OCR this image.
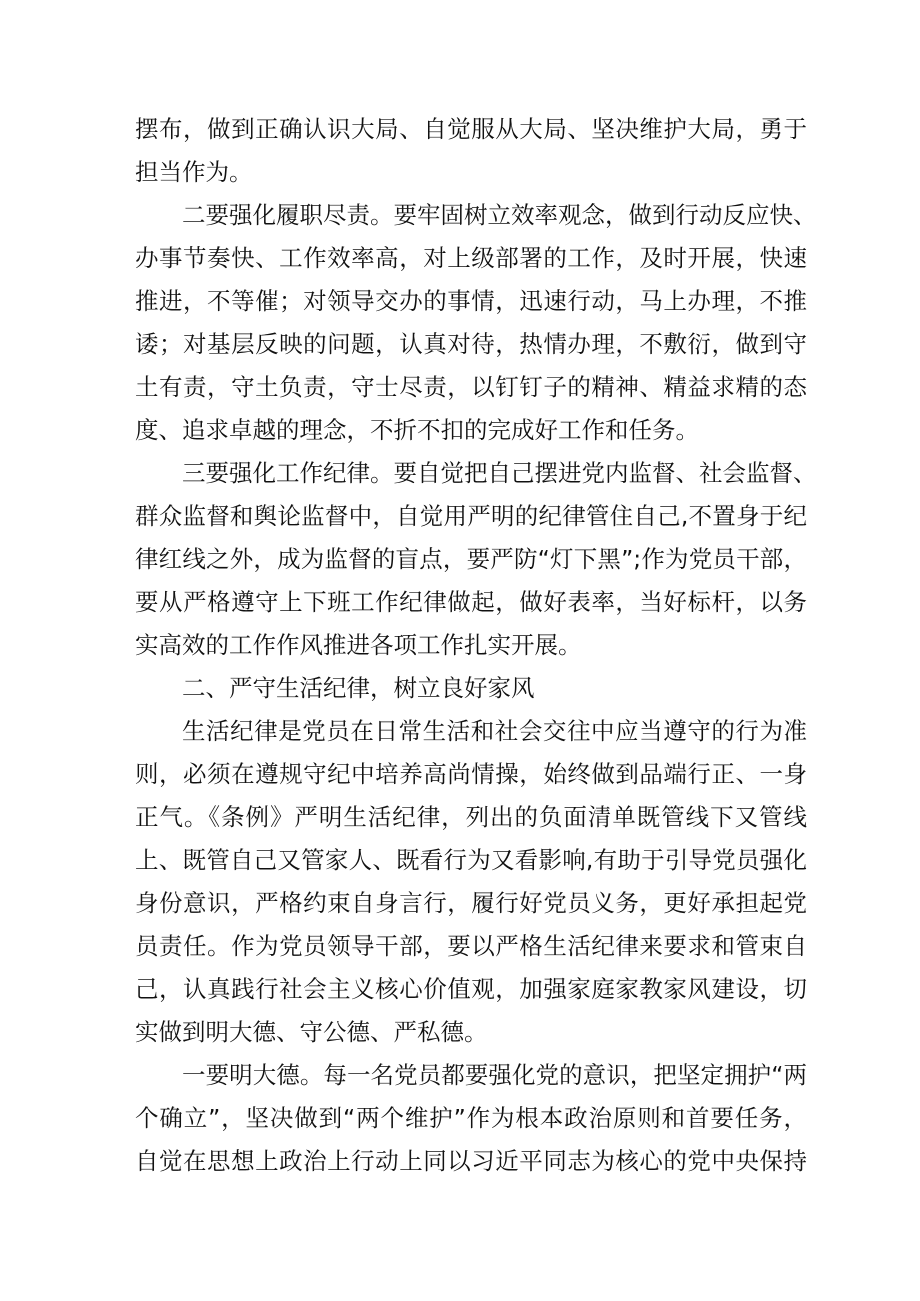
摆布，做到正确认识大局、自觉服从大局、坚决维护大局，勇于

担当作为。

二要强化履职尽责。要牢固树立效率观念，做到行动反应快、

办事节奏快、工作效率高，对上级部署的工作，及时开展，快速

推进，不等催；对领导交办的事情，迅速行动，马上办理，不推

诿；对基层反映的问题，认真对待，热情办理，不敷衍，做到守

土有责，守土负责，守士尽责，以钉钉子的精神、精益求精的态

度、追求卓越的理念，不折不扣的完成好工作和任务。

三要强化工作纪律。要自觉把自己摆进党内监督、社会监督、

群众监督和舆论监督中，自觉用严明的纪律管住自己,不置身于纪

律红线之外，成为监督的盲点，要严防“灯下黑”;作为党员干部，

要从严格遵守上下班工作纪律做起，做好表率，当好标杆，以务

实高效的工作作风推进各项工作扎实开展。

二、严守生活纪律，树立良好家风

生活纪律是党员在日常生活和社会交往中应当遵守的行为准

则，必须在遵规守纪中培养高尚情操，始终做到品端行正、一身

正气。《条例》严明生活纪律，列出的负面清单既管线下又管线

上、既管自己又管家人、既看行为又看影响,有助于引导党员强化

身份意识，严格约束自身言行，履行好党员义务，更好承担起党

员责任。作为党员领导干部，要以严格生活纪律来要求和管束自

己，认真践行社会主义核心价值观，加强家庭家教家风建设，切

实做到明大德、守公德、严私德。

一要明大德。每一名党员都要强化党的意识，把坚定拥护“两

个确立”，坚决做到“两个维护”作为根本政治原则和首要任务，

自觉在思想上政治上行动上同以习近平同志为核心的党中央保持
